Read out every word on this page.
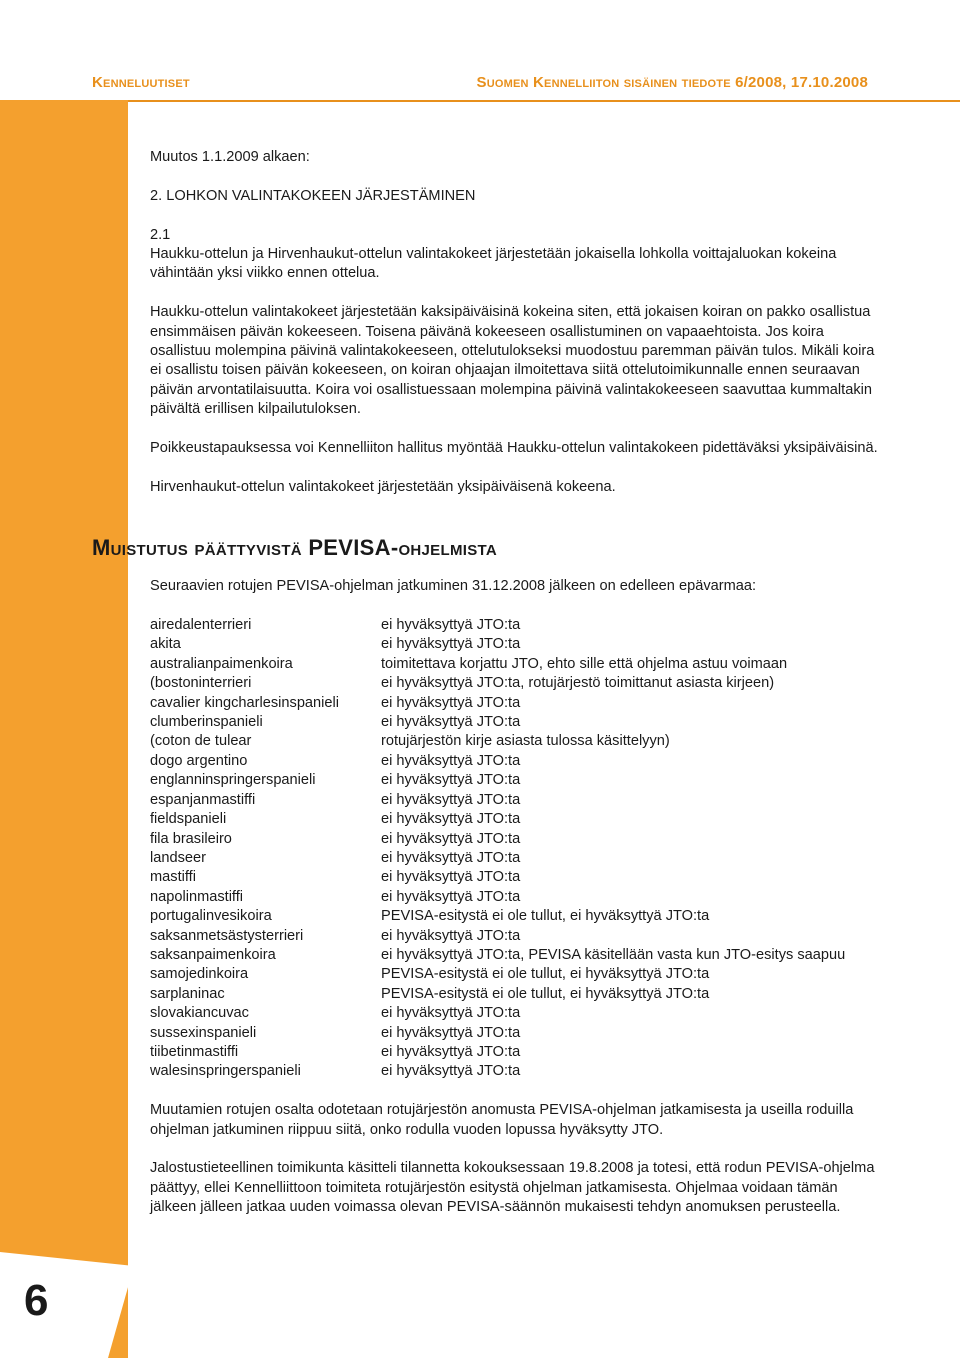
Kenneluutiset	Suomen Kennelliiton sisäinen tiedote 6/2008, 17.10.2008
6

Muutos 1.1.2009 alkaen:

2. LOHKON VALINTAKOKEEN JÄRJESTÄMINEN

2.1

Haukku-ottelun ja Hirvenhaukut-ottelun valintakokeet järjestetään jokaisella lohkolla voittajaluokan kokeina vähintään yksi viikko ennen ottelua.

Haukku-ottelun valintakokeet järjestetään kaksipäiväisinä kokeina siten, että jokaisen koiran on pakko osallistua ensimmäisen päivän kokeeseen. Toisena päivänä kokeeseen osallistuminen on vapaaehtoista. Jos koira osallistuu molempina päivinä valintakokeeseen, ottelutulokseksi muodostuu paremman päivän tulos. Mikäli koira ei osallistu toisen päivän kokeeseen, on koiran ohjaajan ilmoitettava siitä ottelutoimikunnalle ennen seuraavan päivän arvontatilaisuutta. Koira voi osallistuessaan molempina päivinä valintakokeeseen saavuttaa kummaltakin päivältä erillisen kilpailutuloksen.

Poikkeustapauksessa voi Kennelliiton hallitus myöntää Haukku-ottelun valintakokeen pidettäväksi yksipäiväisinä.

Hirvenhaukut-ottelun valintakokeet järjestetään yksipäiväisenä kokeena.

Muistutus päättyvistä PEVISA-ohjelmista

Seuraavien rotujen PEVISA-ohjelman jatkuminen 31.12.2008 jälkeen on edelleen epävarmaa:

airedalenterrieri	ei hyväksyttyä JTO:ta
akita	ei hyväksyttyä JTO:ta
australianpaimenkoira	toimitettava korjattu JTO, ehto sille että ohjelma astuu voimaan
(bostoninterrieri	ei hyväksyttyä JTO:ta, rotujärjestö toimittanut asiasta kirjeen)
cavalier kingcharlesinspanieli	ei hyväksyttyä JTO:ta
clumberinspanieli	ei hyväksyttyä JTO:ta
(coton de tulear	rotujärjestön kirje asiasta tulossa käsittelyyn)
dogo argentino	ei hyväksyttyä JTO:ta
englanninspringerspanieli	ei hyväksyttyä JTO:ta
espanjanmastiffi	ei hyväksyttyä JTO:ta
fieldspanieli	ei hyväksyttyä JTO:ta
fila brasileiro	ei hyväksyttyä JTO:ta
landseer	ei hyväksyttyä JTO:ta
mastiffi	ei hyväksyttyä JTO:ta
napolinmastiffi	ei hyväksyttyä JTO:ta
portugalinvesikoira	PEVISA-esitystä ei ole tullut, ei hyväksyttyä JTO:ta
saksanmetsästysterrieri	ei hyväksyttyä JTO:ta
saksanpaimenkoira	ei hyväksyttyä JTO:ta, PEVISA käsitellään vasta kun JTO-esitys saapuu
samojedinkoira	PEVISA-esitystä ei ole tullut, ei hyväksyttyä JTO:ta
sarplaninac	PEVISA-esitystä ei ole tullut, ei hyväksyttyä JTO:ta
slovakiancuvac	ei hyväksyttyä JTO:ta
sussexinspanieli	ei hyväksyttyä JTO:ta
tiibetinmastiffi	ei hyväksyttyä JTO:ta
walesinspringerspanieli	ei hyväksyttyä JTO:ta

Muutamien rotujen osalta odotetaan rotujärjestön anomusta PEVISA-ohjelman jatkamisesta ja useilla roduilla ohjelman jatkuminen riippuu siitä, onko rodulla vuoden lopussa hyväksytty JTO.

Jalostustieteellinen toimikunta käsitteli tilannetta kokouksessaan 19.8.2008 ja totesi, että rodun PEVISA-ohjelma päättyy, ellei Kennelliittoon toimiteta rotujärjestön esitystä ohjelman jatkamisesta. Ohjelmaa voidaan tämän jälkeen jälleen jatkaa uuden voimassa olevan PEVISA-säännön mukaisesti tehdyn anomuksen perusteella.
